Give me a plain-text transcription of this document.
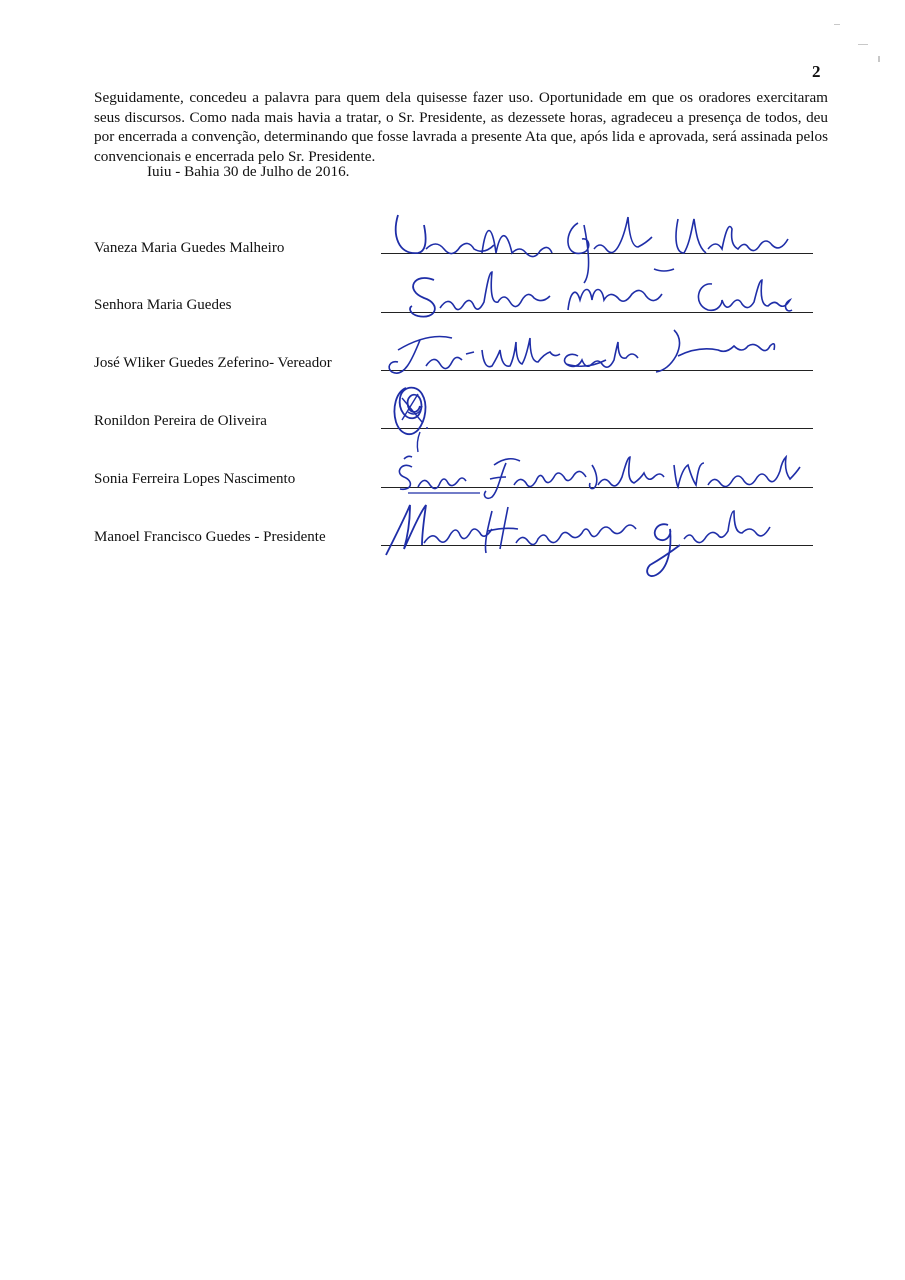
2

Seguidamente, concedeu a palavra para quem dela quisesse fazer uso. Oportunidade em que os oradores exercitaram seus discursos. Como nada mais havia a tratar, o Sr. Presidente, as dezessete horas, agradeceu a presença de todos, deu por encerrada a convenção, determinando que fosse lavrada a presente Ata que, após lida e aprovada, será assinada pelos convencionais e encerrada pelo Sr. Presidente.

Iuiu - Bahia 30 de Julho de 2016.

Vaneza Maria Guedes Malheiro
Senhora Maria Guedes
José Wliker Guedes Zeferino- Vereador
Ronildon Pereira de Oliveira
Sonia Ferreira Lopes Nascimento
Manoel Francisco Guedes - Presidente
